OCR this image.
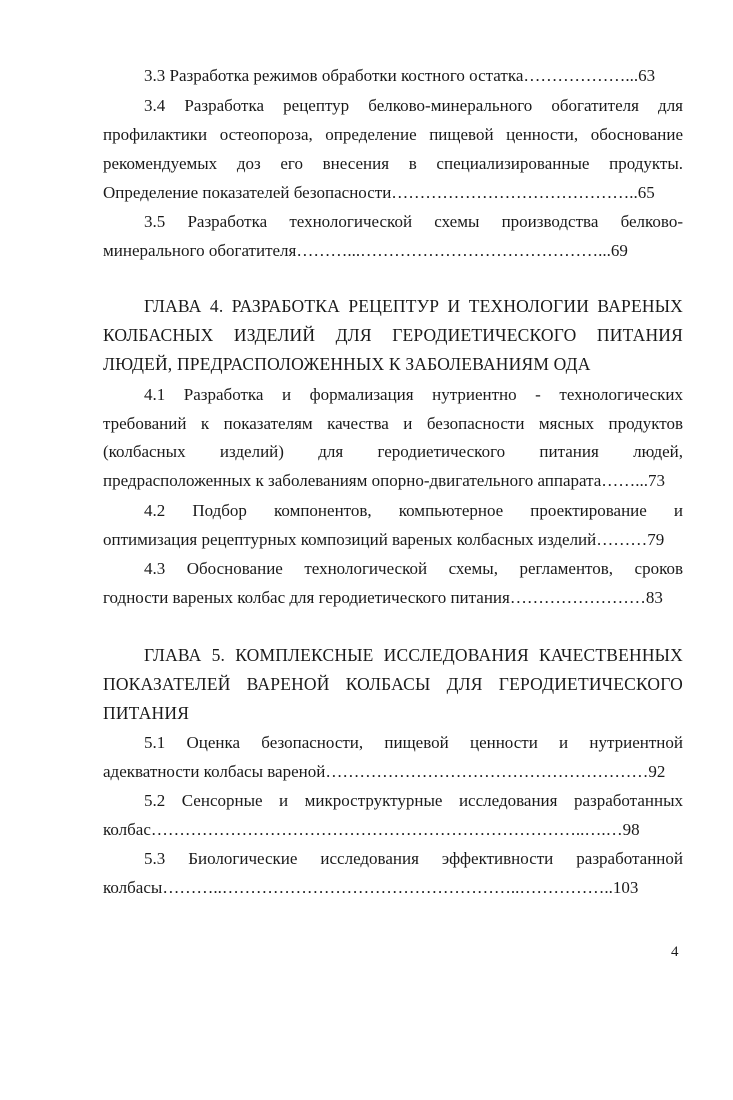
3.3 Разработка режимов обработки костного остатка………………...63
3.4 Разработка рецептур белково-минерального обогатителя для
профилактики остеопороза, определение пищевой ценности, обоснование
рекомендуемых доз его внесения в специализированные продукты.
Определение показателей безопасности……………………………………..65
3.5 Разработка технологической схемы производства белково-
минерального обогатителя………...……………………………………...69
ГЛАВА 4. РАЗРАБОТКА РЕЦЕПТУР И ТЕХНОЛОГИИ ВАРЕНЫХ
КОЛБАСНЫХ ИЗДЕЛИЙ ДЛЯ ГЕРОДИЕТИЧЕСКОГО ПИТАНИЯ
ЛЮДЕЙ, ПРЕДРАСПОЛОЖЕННЫХ К ЗАБОЛЕВАНИЯМ ОДА
4.1 Разработка и формализация нутриентно - технологических
требований к показателям качества и безопасности мясных продуктов
(колбасных изделий) для геродиетического питания людей,
предрасположенных к заболеваниям опорно-двигательного аппарата……...73
4.2 Подбор компонентов, компьютерное проектирование и
оптимизация рецептурных композиций вареных колбасных изделий………79
4.3 Обоснование технологической схемы, регламентов, сроков
годности вареных колбас для геродиетического питания……………………83
ГЛАВА 5. КОМПЛЕКСНЫЕ ИССЛЕДОВАНИЯ КАЧЕСТВЕННЫХ
ПОКАЗАТЕЛЕЙ ВАРЕНОЙ КОЛБАСЫ ДЛЯ ГЕРОДИЕТИЧЕСКОГО
ПИТАНИЯ
5.1 Оценка безопасности, пищевой ценности и нутриентной
адекватности колбасы вареной…………………………………………………92
5.2 Сенсорные и микроструктурные исследования разработанных
колбас…………………………………………………………………..….…98
5.3 Биологические исследования эффективности разработанной
колбасы………..……………………………………………..……………..103
4
